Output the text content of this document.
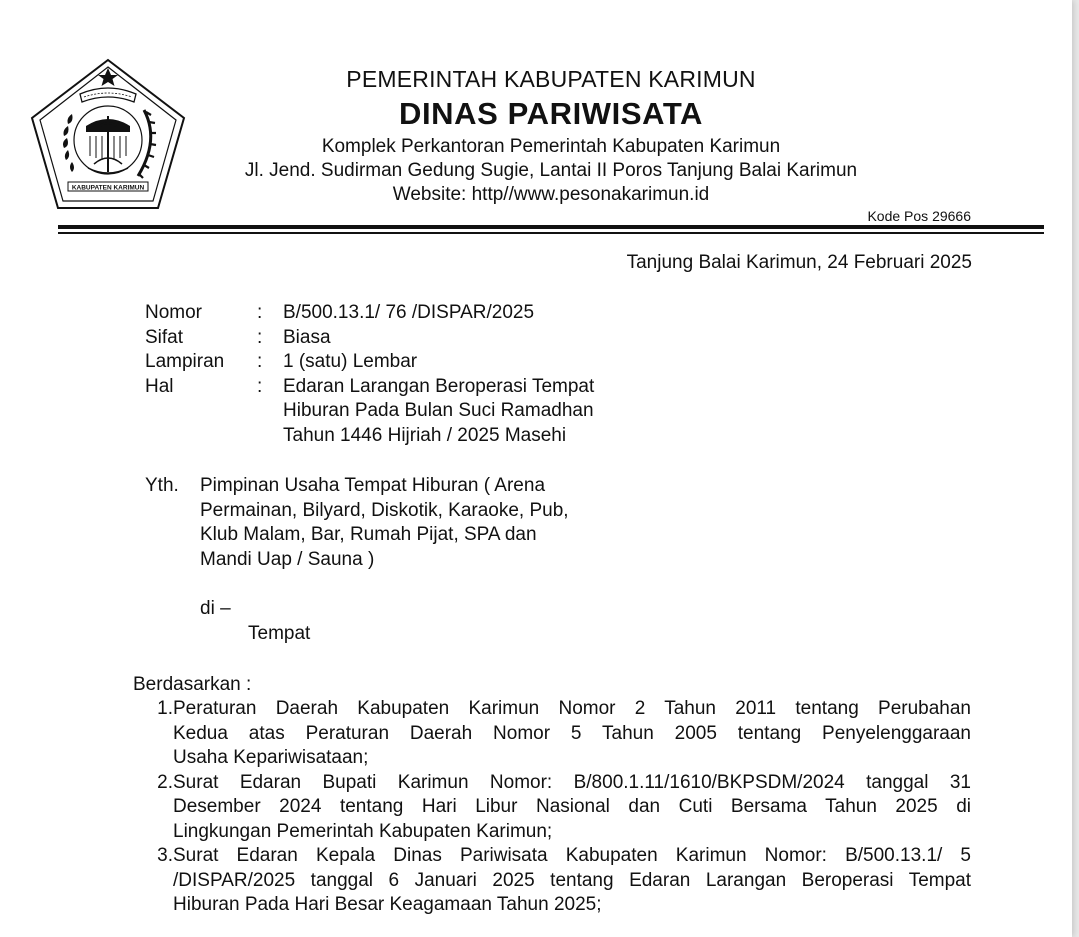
KABUPATEN KARIMUN
PEMERINTAH KABUPATEN KARIMUN
DINAS PARIWISATA
Komplek Perkantoran Pemerintah Kabupaten Karimun
Jl. Jend. Sudirman Gedung Sugie, Lantai II Poros Tanjung Balai Karimun
Website: http//www.pesonakarimun.id
Kode Pos 29666
Tanjung Balai Karimun, 24 Februari 2025
Nomor	:	B/500.13.1/ 76 /DISPAR/2025
Sifat	:	Biasa
Lampiran	:	1 (satu) Lembar
Hal	:	Edaran Larangan Beroperasi Tempat
Hiburan Pada Bulan Suci Ramadhan
Tahun 1446 Hijriah / 2025 Masehi
Yth. Pimpinan Usaha Tempat Hiburan ( Arena
Permainan, Bilyard, Diskotik, Karaoke, Pub,
Klub Malam, Bar, Rumah Pijat, SPA dan
Mandi Uap / Sauna )
di –
Tempat
Berdasarkan :
1. Peraturan Daerah Kabupaten Karimun Nomor 2 Tahun 2011 tentang Perubahan
Kedua atas Peraturan Daerah Nomor 5 Tahun 2005 tentang Penyelenggaraan
Usaha Kepariwisataan;
2. Surat Edaran Bupati Karimun Nomor: B/800.1.11/1610/BKPSDM/2024 tanggal 31
Desember 2024 tentang Hari Libur Nasional dan Cuti Bersama Tahun 2025 di
Lingkungan Pemerintah Kabupaten Karimun;
3. Surat Edaran Kepala Dinas Pariwisata Kabupaten Karimun Nomor: B/500.13.1/ 5
/DISPAR/2025 tanggal 6 Januari 2025 tentang Edaran Larangan Beroperasi Tempat
Hiburan Pada Hari Besar Keagamaan Tahun 2025;
